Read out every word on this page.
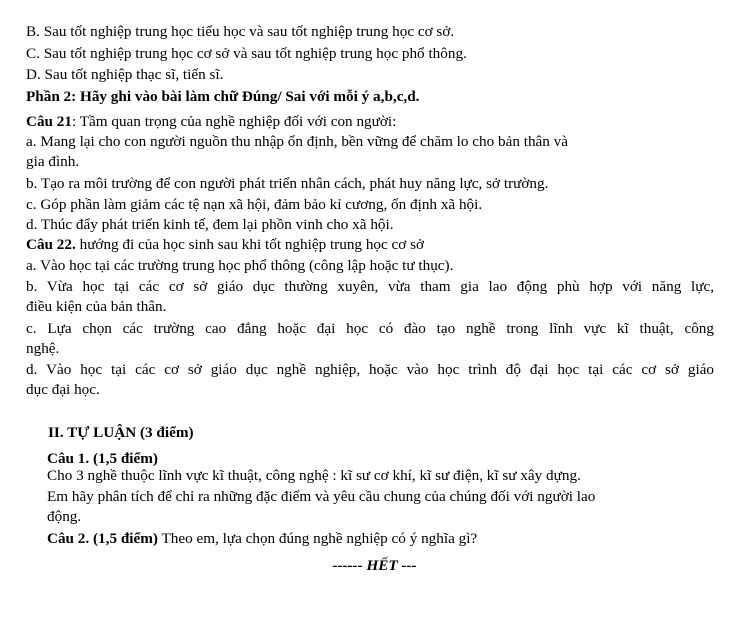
B. Sau tốt nghiệp trung học tiểu học và sau tốt nghiệp trung học cơ sở.
C. Sau tốt nghiệp trung học cơ sở và sau tốt nghiệp trung học phổ thông.
D. Sau tốt nghiệp thạc sĩ, tiến sĩ.
Phần 2: Hãy ghi vào bài làm chữ Đúng/ Sai với mỗi ý a,b,c,d.
Câu 21: Tầm quan trọng của nghề nghiệp đối với con người:
a. Mang lại cho con người nguồn thu nhập ổn định, bền vững để chăm lo cho bản thân và
gia đình.
b. Tạo ra môi trường để con người phát triển nhân cách, phát huy năng lực, sở trường.
c. Góp phần làm giảm các tệ nạn xã hội, đảm bảo kỉ cương, ổn định xã hội.
d. Thúc đẩy phát triển kinh tế, đem lại phồn vinh cho xã hội.
Câu 22. hướng đi của học sinh sau khi tốt nghiệp trung học cơ sở
a. Vào học tại các trường trung học phổ thông (công lập hoặc tư thục).
b. Vừa học tại các cơ sở giáo dục thường xuyên, vừa tham gia lao động phù hợp với năng lực,
điều kiện của bản thân.
c. Lựa chọn các trường cao đẳng hoặc đại học có đào tạo nghề trong lĩnh vực kĩ thuật, công
nghệ.
d. Vào học tại các cơ sở giáo dục nghề nghiệp, hoặc vào học trình độ đại học tại các cơ sở giáo
dục đại học.
II. TỰ LUẬN (3 điểm)
Câu 1. (1,5 điểm)
Cho 3 nghề thuộc lĩnh vực kĩ thuật, công nghệ : kĩ sư cơ khí, kĩ sư điện, kĩ sư xây dựng.
Em hãy phân tích để chỉ ra những đặc điểm và yêu cầu chung của chúng đối với người lao
động.
Câu 2. (1,5 điểm) Theo em, lựa chọn đúng nghề nghiệp có ý nghĩa gì?
------ HẾT ---
